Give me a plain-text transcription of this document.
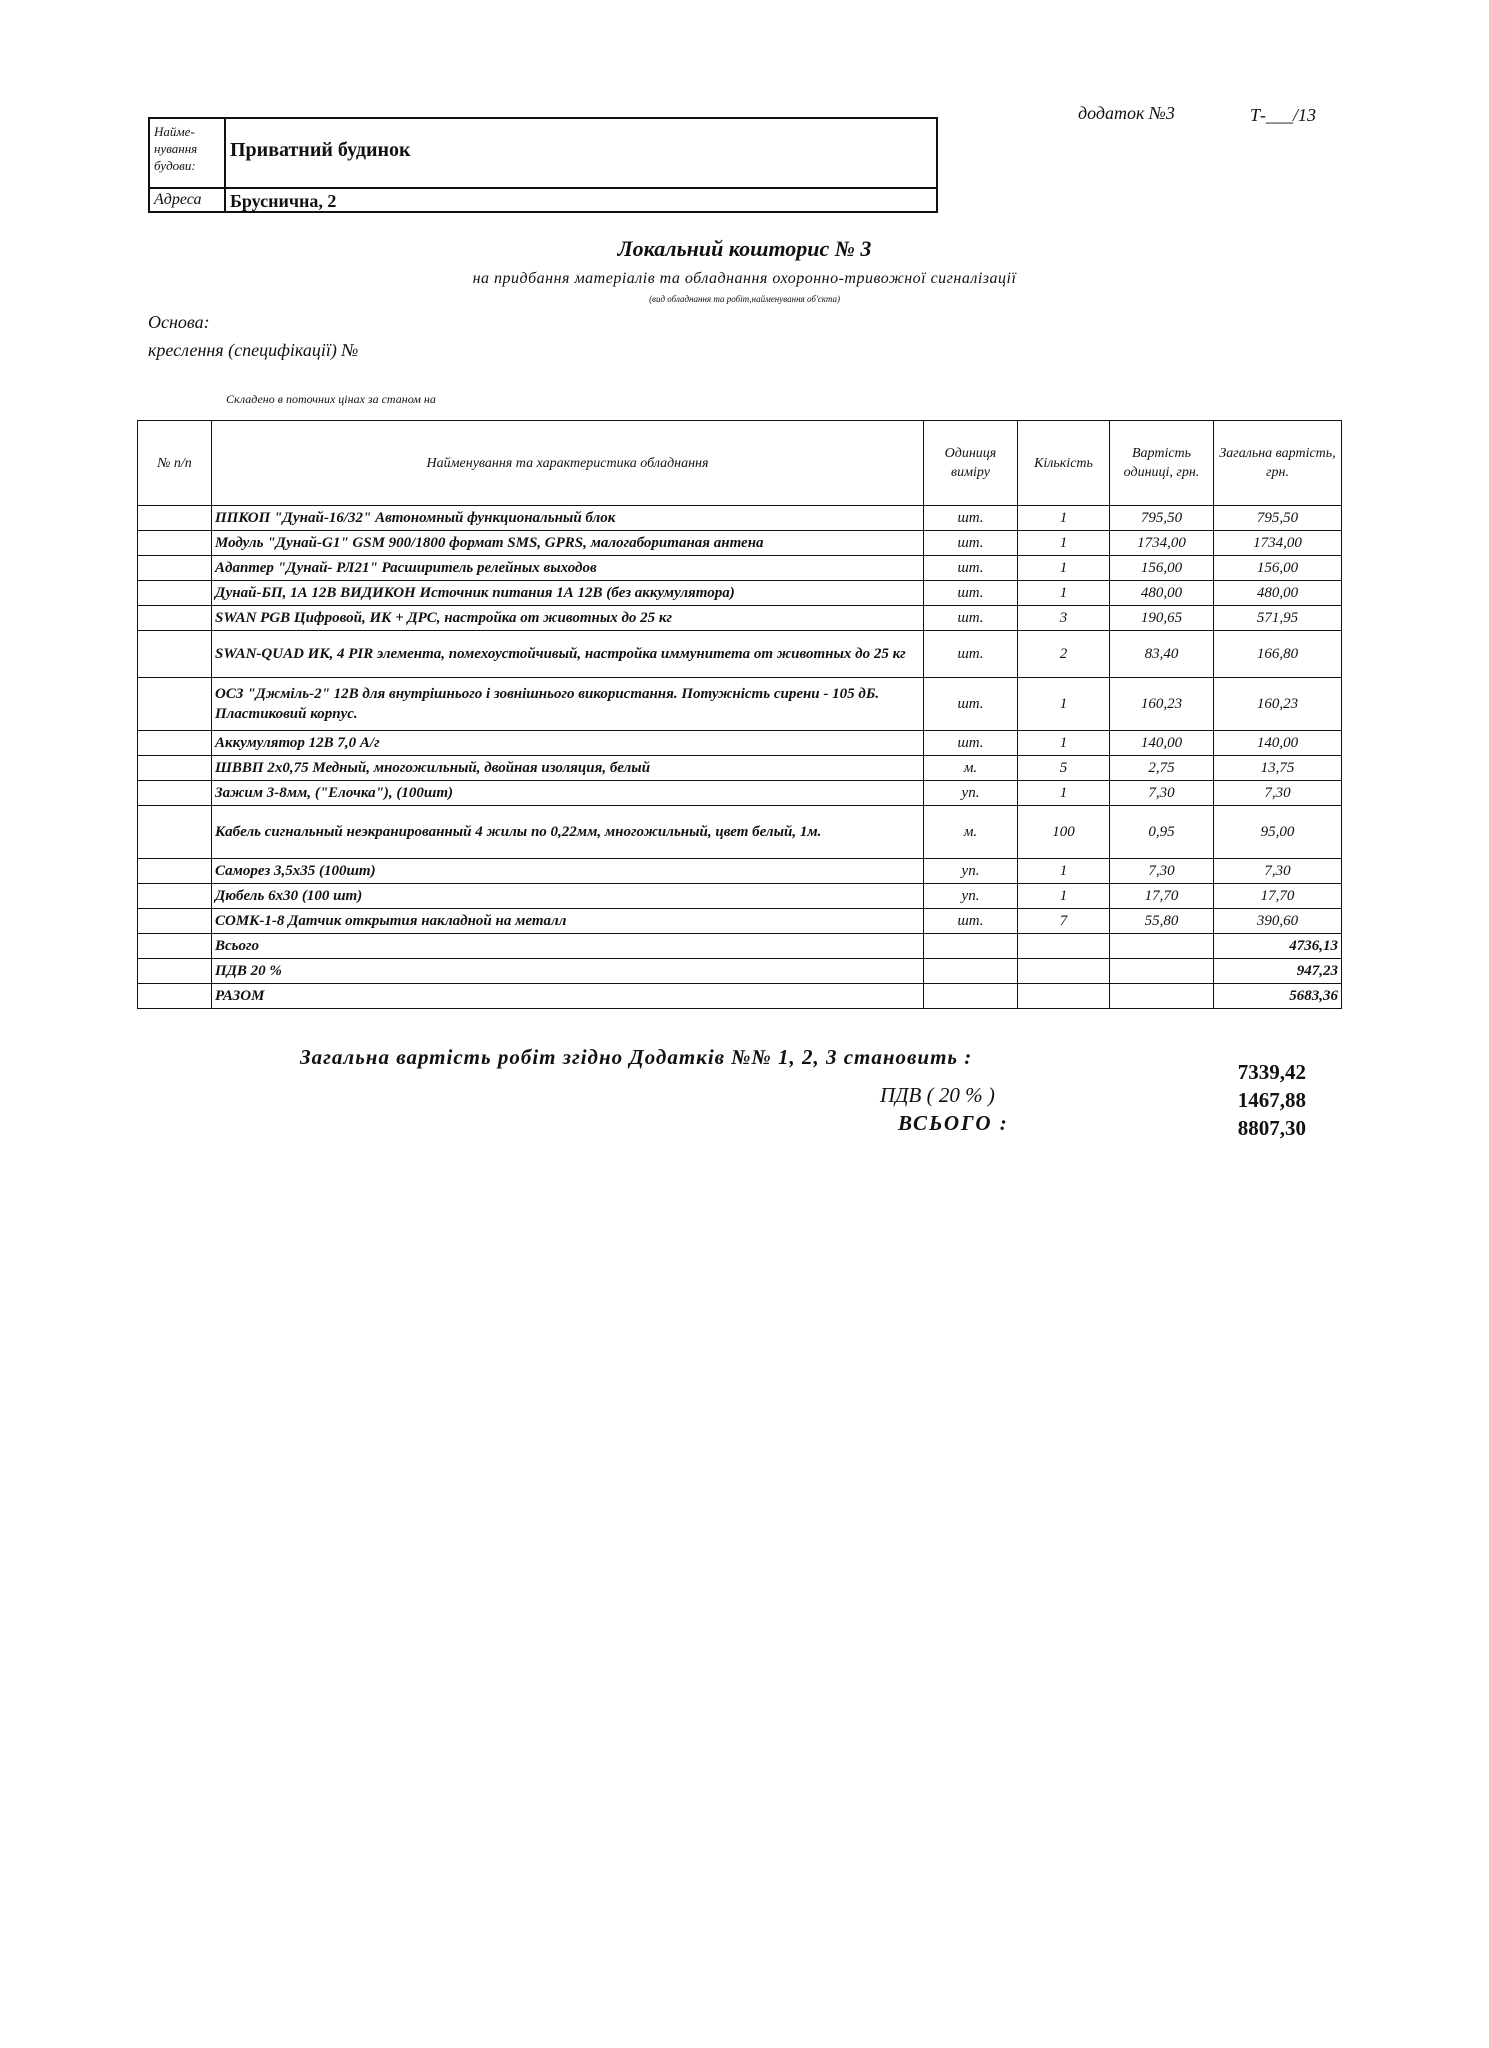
додаток №3	Т-___/13
Найме-
нування
будови:
Приватний будинок
Адреса	Бруснична, 2
Локальний кошторис № 3
на придбання матеріалів та обладнання охоронно-тривожної сигналізації
(вид обладнання та робіт,найменування об'єкта)
Основа:
креслення (специфікації) №
Складено в поточних цінах за станом на
№ п/п	Найменування та характеристика обладнання	Одиниця виміру	Кількість	Вартість одиниці, грн.	Загальна вартість, грн.
	ППКОП "Дунай-16/32" Автономный функциональный блок	шт.	1	795,50	795,50
	Модуль "Дунай-G1" GSM 900/1800 формат SMS, GPRS, малогабоританая антена	шт.	1	1734,00	1734,00
	Адаптер "Дунай- РЛ21" Расширитель релейных выходов	шт.	1	156,00	156,00
	Дунай-БП, 1А 12В ВИДИКОН Источник питания 1А 12В (без аккумулятора)	шт.	1	480,00	480,00
	SWAN PGB Цифровой, ИК + ДРС, настройка от животных до 25 кг	шт.	3	190,65	571,95
	SWAN-QUAD ИК, 4 PIR элемента, помехоустойчивый, настройка иммунитета от животных до 25 кг	шт.	2	83,40	166,80
	ОСЗ "Джміль-2" 12В для внутрішнього і зовнішнього використання. Потужність сирени - 105 дБ. Пластиковий корпус.	шт.	1	160,23	160,23
	Аккумулятор 12В 7,0 А/г	шт.	1	140,00	140,00
	ШВВП 2х0,75 Медный, многожильный, двойная изоляция, белый	м.	5	2,75	13,75
	Зажим 3-8мм, ("Елочка"), (100шт)	уп.	1	7,30	7,30
	Кабель сигнальный неэкранированный 4 жилы по 0,22мм, многожильный, цвет белый, 1м.	м.	100	0,95	95,00
	Саморез 3,5х35 (100шт)	уп.	1	7,30	7,30
	Дюбель 6х30 (100 шт)	уп.	1	17,70	17,70
	СОМК-1-8 Датчик открытия накладной на металл	шт.	7	55,80	390,60
	Всього				4736,13
	ПДВ 20 %				947,23
	РАЗОМ				5683,36
Загальна вартість робіт згідно Додатків №№ 1, 2, 3 становить :
7339,42
ПДВ ( 20 % )	1467,88
ВСЬОГО :	8807,30
